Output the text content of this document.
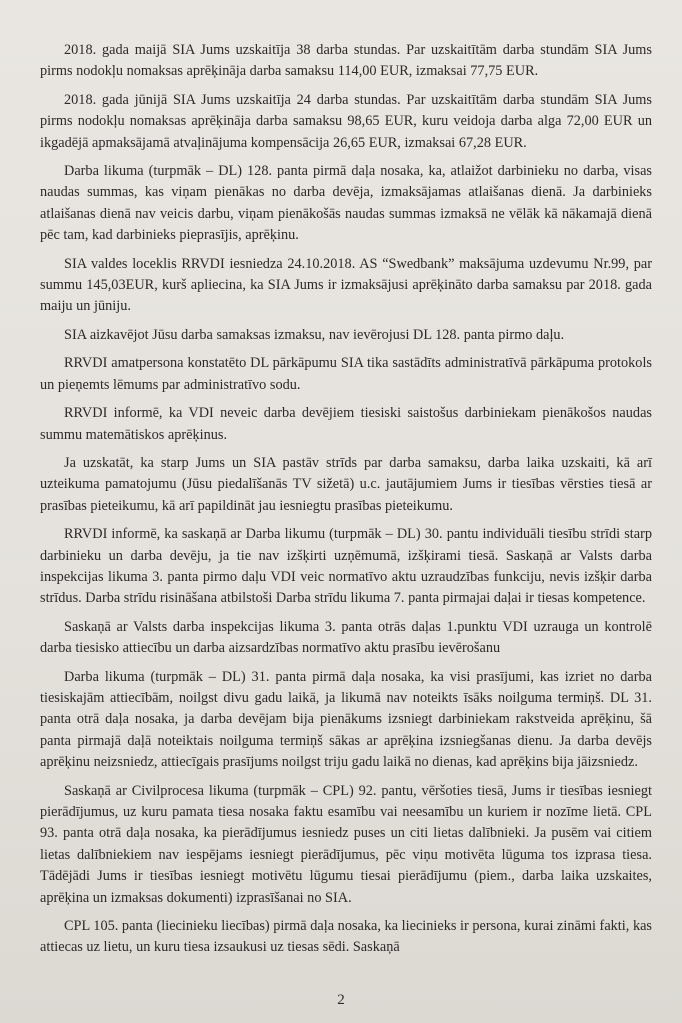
2018. gada maijā SIA Jums uzskaitīja 38 darba stundas. Par uzskaitītām darba stundām SIA Jums pirms nodokļu nomaksas aprēķināja darba samaksu 114,00 EUR, izmaksai 77,75 EUR.

2018. gada jūnijā SIA Jums uzskaitīja 24 darba stundas. Par uzskaitītām darba stundām SIA Jums pirms nodokļu nomaksas aprēķināja darba samaksu 98,65 EUR, kuru veidoja darba alga 72,00 EUR un ikgadējā apmaksājamā atvaļinājuma kompensācija 26,65 EUR, izmaksai 67,28 EUR.

Darba likuma (turpmāk – DL) 128. panta pirmā daļa nosaka, ka, atlaižot darbinieku no darba, visas naudas summas, kas viņam pienākas no darba devēja, izmaksājamas atlaišanas dienā. Ja darbinieks atlaišanas dienā nav veicis darbu, viņam pienākošās naudas summas izmaksā ne vēlāk kā nākamajā dienā pēc tam, kad darbinieks pieprasījis, aprēķinu.

SIA valdes loceklis RRVDI iesniedza 24.10.2018. AS “Swedbank” maksājuma uzdevumu Nr.99, par summu 145,03EUR, kurš apliecina, ka SIA Jums ir izmaksājusi aprēķināto darba samaksu par 2018. gada maiju un jūniju.

SIA aizkavējot Jūsu darba samaksas izmaksu, nav ievērojusi DL 128. panta pirmo daļu.

RRVDI amatpersona konstatēto DL pārkāpumu SIA tika sastādīts administratīvā pārkāpuma protokols un pieņemts lēmums par administratīvo sodu.

RRVDI informē, ka VDI neveic darba devējiem tiesiski saistošus darbiniekam pienākošos naudas summu matemātiskos aprēķinus.

Ja uzskatāt, ka starp Jums un SIA pastāv strīds par darba samaksu, darba laika uzskaiti, kā arī uzteikuma pamatojumu (Jūsu piedalīšanās TV sižetā) u.c. jautājumiem Jums ir tiesības vērsties tiesā ar prasības pieteikumu, kā arī papildināt jau iesniegtu prasības pieteikumu.

RRVDI informē, ka saskaņā ar Darba likumu (turpmāk – DL) 30. pantu individuāli tiesību strīdi starp darbinieku un darba devēju, ja tie nav izšķirti uzņēmumā, izšķirami tiesā. Saskaņā ar Valsts darba inspekcijas likuma 3. panta pirmo daļu VDI veic normatīvo aktu uzraudzības funkciju, nevis izšķir darba strīdus. Darba strīdu risināšana atbilstoši Darba strīdu likuma 7. panta pirmajai daļai ir tiesas kompetence.

Saskaņā ar Valsts darba inspekcijas likuma 3. panta otrās daļas 1.punktu VDI uzrauga un kontrolē darba tiesisko attiecību un darba aizsardzības normatīvo aktu prasību ievērošanu

Darba likuma (turpmāk – DL) 31. panta pirmā daļa nosaka, ka visi prasījumi, kas izriet no darba tiesiskajām attiecībām, noilgst divu gadu laikā, ja likumā nav noteikts īsāks noilguma termiņš. DL 31. panta otrā daļa nosaka, ja darba devējam bija pienākums izsniegt darbiniekam rakstveida aprēķinu, šā panta pirmajā daļā noteiktais noilguma termiņš sākas ar aprēķina izsniegšanas dienu. Ja darba devējs aprēķinu neizsniedz, attiecīgais prasījums noilgst triju gadu laikā no dienas, kad aprēķins bija jāizsniedz.

Saskaņā ar Civilprocesa likuma (turpmāk – CPL) 92. pantu, vēršoties tiesā, Jums ir tiesības iesniegt pierādījumus, uz kuru pamata tiesa nosaka faktu esamību vai neesamību un kuriem ir nozīme lietā. CPL 93. panta otrā daļa nosaka, ka pierādījumus iesniedz puses un citi lietas dalībnieki. Ja pusēm vai citiem lietas dalībniekiem nav iespējams iesniegt pierādījumus, pēc viņu motivēta lūguma tos izprasa tiesa. Tādējādi Jums ir tiesības iesniegt motivētu lūgumu tiesai pierādījumu (piem., darba laika uzskaites, aprēķina un izmaksas dokumenti) izprasīšanai no SIA.

CPL 105. panta (liecinieku liecības) pirmā daļa nosaka, ka liecinieks ir persona, kurai zināmi fakti, kas attiecas uz lietu, un kuru tiesa izsaukusi uz tiesas sēdi. Saskaņā

2
